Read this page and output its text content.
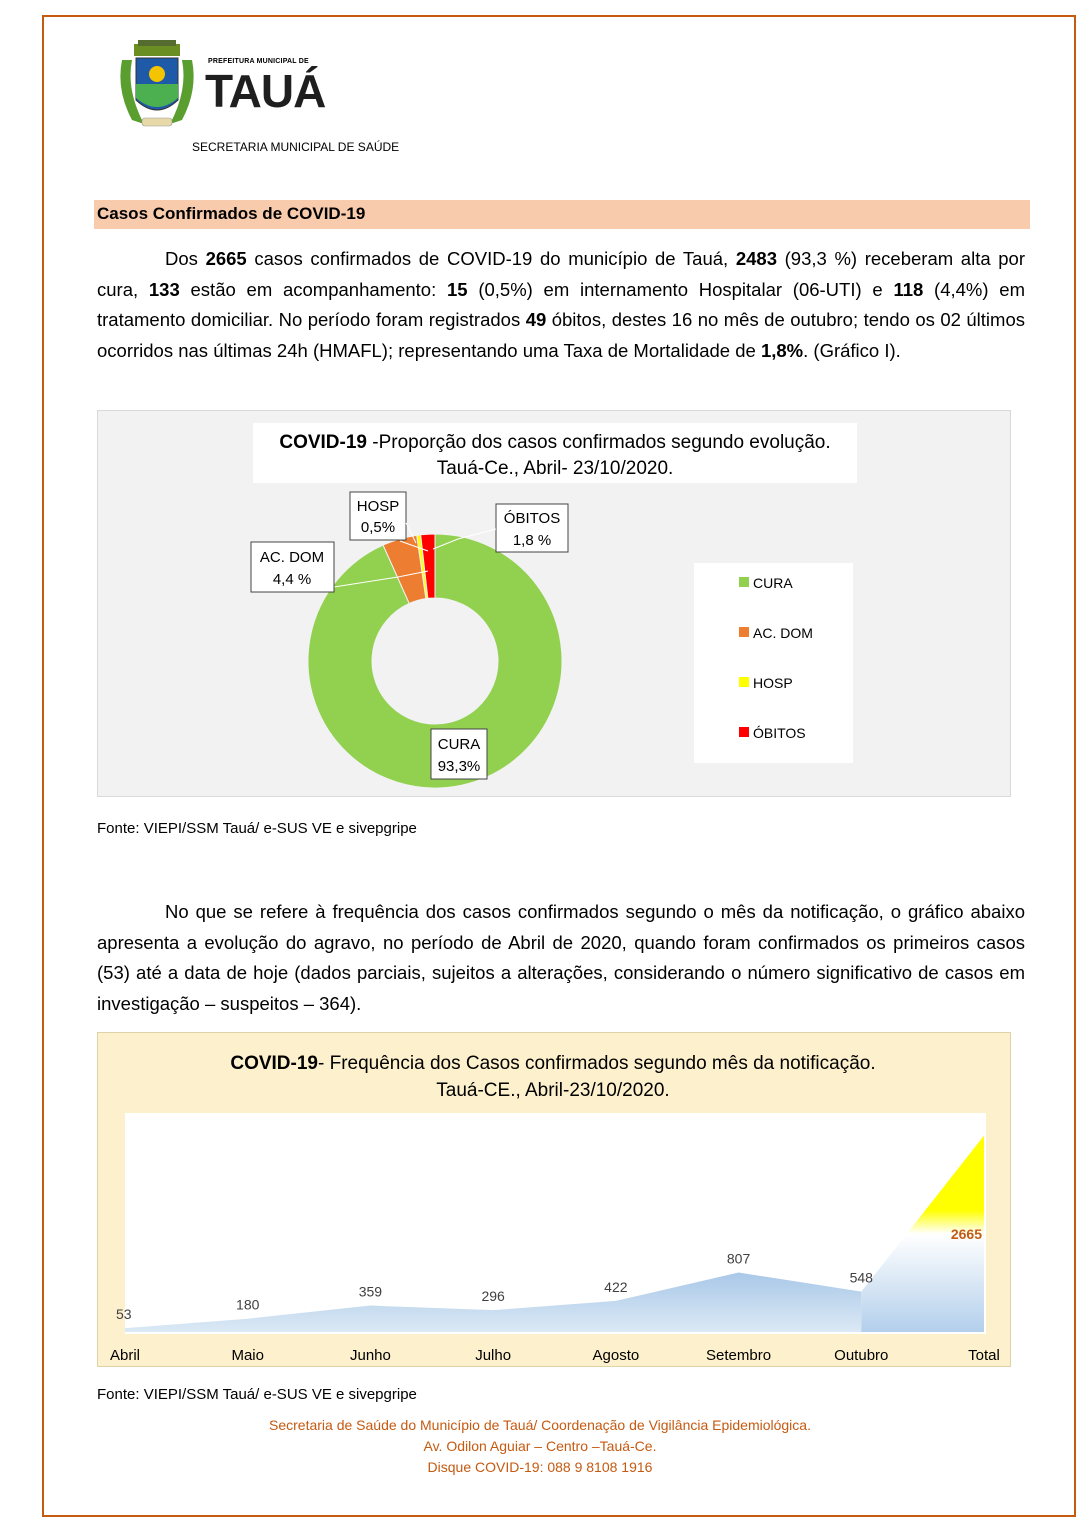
PREFEITURA MUNICIPAL DE
TAUÁ
SECRETARIA MUNICIPAL DE SAÚDE
Casos Confirmados de COVID-19
Dos 2665 casos confirmados de COVID-19 do município de Tauá, 2483 (93,3 %) receberam alta por cura, 133 estão em acompanhamento: 15 (0,5%) em internamento Hospitalar (06-UTI) e 118 (4,4%) em tratamento domiciliar. No período foram registrados 49 óbitos, destes 16 no mês de outubro; tendo os 02 últimos ocorridos nas últimas 24h (HMAFL); representando uma Taxa de Mortalidade de 1,8%. (Gráfico I).
COVID-19 -Proporção dos casos confirmados segundo evolução.
Tauá-Ce., Abril- 23/10/2020.
HOSP
0,5%
ÓBITOS
1,8 %
AC. DOM
4,4 %
CURA
93,3%
CURA
AC. DOM
HOSP
ÓBITOS
Fonte: VIEPI/SSM Tauá/ e-SUS VE e sivepgripe
No que se refere à frequência dos casos confirmados segundo o mês da notificação, o gráfico abaixo apresenta a evolução do agravo, no período de Abril de 2020, quando foram confirmados os primeiros casos (53) até a data de hoje (dados parciais, sujeitos a alterações, considerando o número significativo de casos em investigação – suspeitos – 364).
COVID-19- Frequência dos Casos confirmados segundo mês da notificação.
Tauá-CE., Abril-23/10/2020.
53
Abril
180
Maio
359
Junho
296
Julho
422
Agosto
807
Setembro
548
Outubro
2665
Total
Fonte: VIEPI/SSM Tauá/ e-SUS VE e sivepgripe
Secretaria de Saúde do Município de Tauá/ Coordenação de Vigilância Epidemiológica.
Av. Odilon Aguiar – Centro –Tauá-Ce.
Disque COVID-19: 088 9 8108 1916
